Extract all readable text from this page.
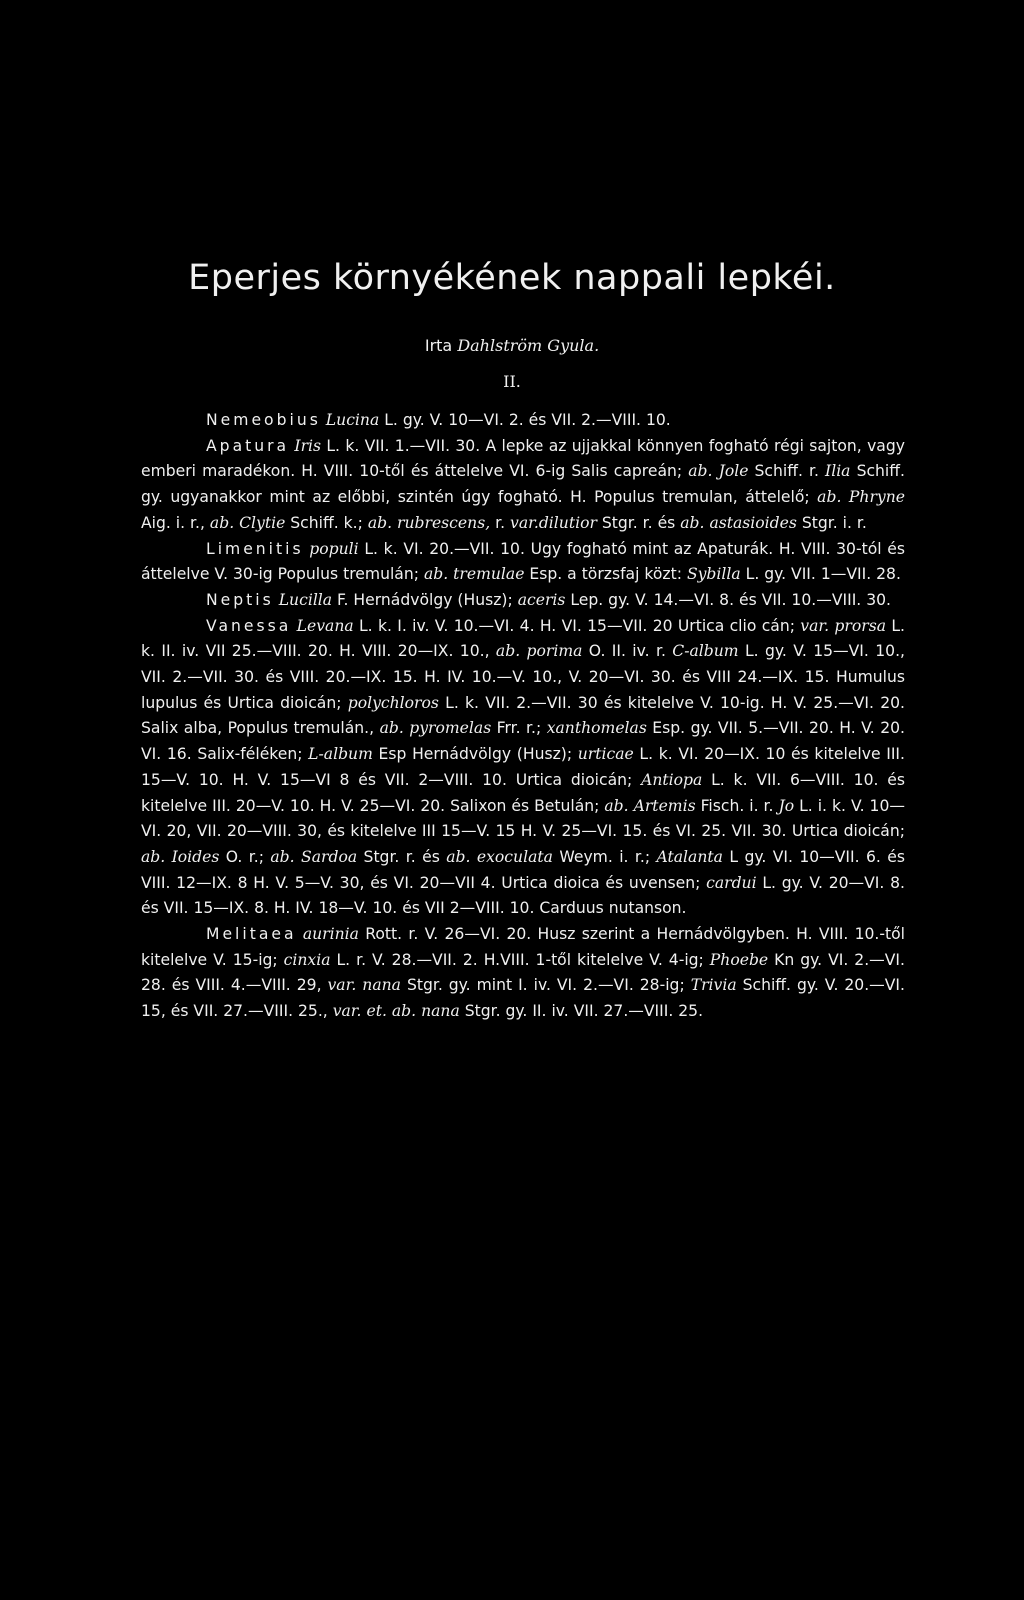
Eperjes környékének nappali lepkéi.
Irta Dahlström Gyula.
II.

Nemeobius Lucina L. gy. V. 10—VI. 2. és VII. 2.—VIII. 10.

Apatura Iris L. k. VII. 1.—VII. 30. A lepke az ujjakkal könnyen fogható régi sajton, vagy emberi maradékon. H. VIII. 10-től és áttelelve VI. 6-ig Salis capreán; ab. Jole Schiff. r. Ilia Schiff. gy. ugyanakkor mint az előbbi, szintén úgy fogható. H. Populus tremulan, áttelelő; ab. Phryne Aig. i. r., ab. Clytie Schiff. k.; ab. rubrescens, r. var.dilutior Stgr. r. és ab. astasioides Stgr. i. r.

Limenitis populi L. k. VI. 20.—VII. 10. Ugy fogható mint az Apaturák. H. VIII. 30-tól és áttelelve V. 30-ig Populus tremulán; ab. tremulae Esp. a törzsfaj közt: Sybilla L. gy. VII. 1—VII. 28.

Neptis Lucilla F. Hernádvölgy (Husz); aceris Lep. gy. V. 14.—VI. 8. és VII. 10.—VIII. 30.

Vanessa Levana L. k. I. iv. V. 10.—VI. 4. H. VI. 15—VII. 20 Urtica clio cán; var. prorsa L. k. II. iv. VII 25.—VIII. 20. H. VIII. 20—IX. 10., ab. porima O. II. iv. r. C-album L. gy. V. 15—VI. 10., VII. 2.—VII. 30. és VIII. 20.—IX. 15. H. IV. 10.—V. 10., V. 20—VI. 30. és VIII 24.—IX. 15. Humulus lupulus és Urtica dioicán; polychloros L. k. VII. 2.—VII. 30 és kitelelve V. 10-ig. H. V. 25.—VI. 20. Salix alba, Populus tremulán., ab. pyromelas Frr. r.; xanthomelas Esp. gy. VII. 5.—VII. 20. H. V. 20. VI. 16. Salix-féléken; L-album Esp Hernádvölgy (Husz); urticae L. k. VI. 20—IX. 10 és kitelelve III. 15—V. 10. H. V. 15—VI 8 és VII. 2—VIII. 10. Urtica dioicán; Antiopa L. k. VII. 6—VIII. 10. és kitelelve III. 20—V. 10. H. V. 25—VI. 20. Salixon és Betulán; ab. Artemis Fisch. i. r. Jo L. i. k. V. 10—VI. 20, VII. 20—VIII. 30, és kitelelve III 15—V. 15 H. V. 25—VI. 15. és VI. 25. VII. 30. Urtica dioicán; ab. Ioides O. r.; ab. Sardoa Stgr. r. és ab. exoculata Weym. i. r.; Atalanta L gy. VI. 10—VII. 6. és VIII. 12—IX. 8 H. V. 5—V. 30, és VI. 20—VII 4. Urtica dioica és uvensen; cardui L. gy. V. 20—VI. 8. és VII. 15—IX. 8. H. IV. 18—V. 10. és VII 2—VIII. 10. Carduus nutanson.

Melitaea aurinia Rott. r. V. 26—VI. 20. Husz szerint a Hernádvölgyben. H. VIII. 10.-től kitelelve V. 15-ig; cinxia L. r. V. 28.—VII. 2. H.VIII. 1-től kitelelve V. 4-ig; Phoebe Kn gy. VI. 2.—VI. 28. és VIII. 4.—VIII. 29, var. nana Stgr. gy. mint I. iv. VI. 2.—VI. 28-ig; Trivia Schiff. gy. V. 20.—VI. 15, és VII. 27.—VIII. 25., var. et. ab. nana Stgr. gy. II. iv. VII. 27.—VIII. 25.
